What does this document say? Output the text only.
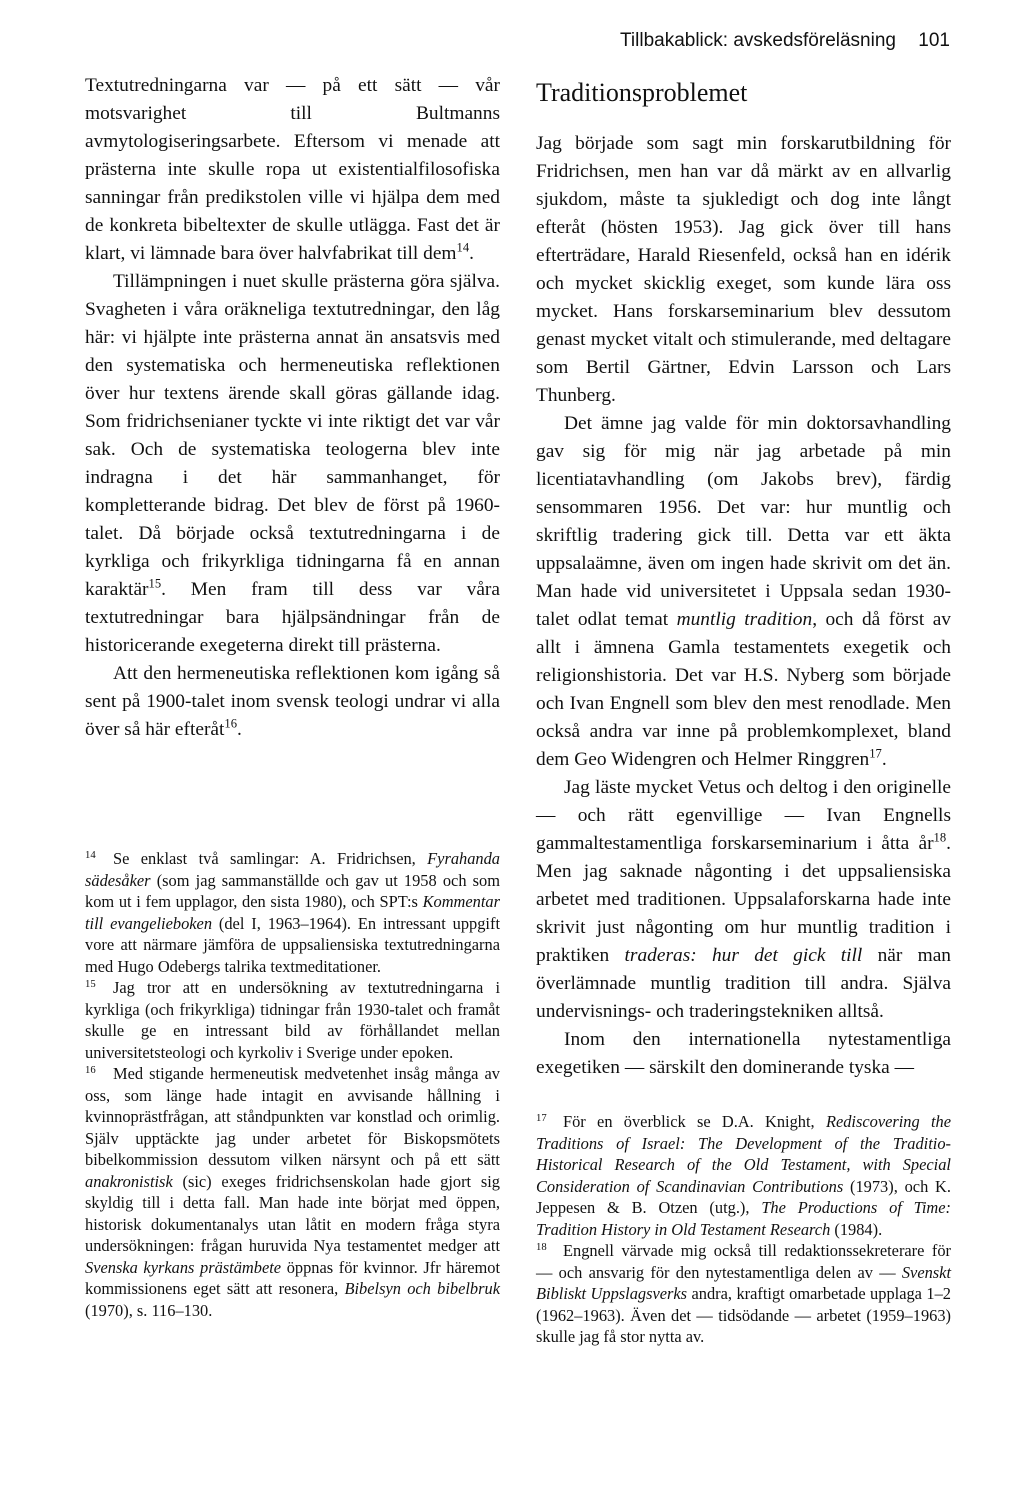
Tillbakablick: avskedsföreläsning 101

Textutredningarna var — på ett sätt — vår motsvarighet till Bultmanns avmytologiseringsarbete. Eftersom vi menade att prästerna inte skulle ropa ut existentialfilosofiska sanningar från predikstolen ville vi hjälpa dem med de konkreta bibeltexter de skulle utlägga. Fast det är klart, vi lämnade bara över halvfabrikat till dem$^{14}$.

Tillämpningen i nuet skulle prästerna göra själva. Svagheten i våra oräkneliga textutredningar, den låg här: vi hjälpte inte prästerna annat än ansatsvis med den systematiska och hermeneutiska reflektionen över hur textens ärende skall göras gällande idag. Som fridrichsenianer tyckte vi inte riktigt det var vår sak. Och de systematiska teologerna blev inte indragna i det här sammanhanget, för kompletterande bidrag. Det blev de först på 1960-talet. Då började också textutredningarna i de kyrkliga och frikyrkliga tidningarna få en annan karaktär$^{15}$. Men fram till dess var våra textutredningar bara hjälpsändningar från de historicerande exegeterna direkt till prästerna.

Att den hermeneutiska reflektionen kom igång så sent på 1900-talet inom svensk teologi undrar vi alla över så här efteråt$^{16}$.

$^{14}$ Se enklast två samlingar: A. Fridrichsen, Fyrahanda sädesåker (som jag sammanställde och gav ut 1958 och som kom ut i fem upplagor, den sista 1980), och SPT:s Kommentar till evangelieboken (del I, 1963–1964). En intressant uppgift vore att närmare jämföra de uppsaliensiska textutredningarna med Hugo Odebergs talrika textmeditationer.

$^{15}$ Jag tror att en undersökning av textutredningarna i kyrkliga (och frikyrkliga) tidningar från 1930-talet och framåt skulle ge en intressant bild av förhållandet mellan universitetsteologi och kyrkoliv i Sverige under epoken.

$^{16}$ Med stigande hermeneutisk medvetenhet insåg många av oss, som länge hade intagit en avvisande hållning i kvinnoprästfrågan, att ståndpunkten var konstlad och orimlig. Själv upptäckte jag under arbetet för Biskopsmötets bibelkommission dessutom vilken närsynt och på ett sätt anakronistisk (sic) exeges fridrichsenskolan hade gjort sig skyldig till i detta fall. Man hade inte börjat med öppen, historisk dokumentanalys utan låtit en modern fråga styra undersökningen: frågan huruvida Nya testamentet medger att Svenska kyrkans prästämbete öppnas för kvinnor. Jfr häremot kommissionens eget sätt att resonera, Bibelsyn och bibelbruk (1970), s. 116–130.

Traditionsproblemet

Jag började som sagt min forskarutbildning för Fridrichsen, men han var då märkt av en allvarlig sjukdom, måste ta sjukledigt och dog inte långt efteråt (hösten 1953). Jag gick över till hans efterträdare, Harald Riesenfeld, också han en idérik och mycket skicklig exeget, som kunde lära oss mycket. Hans forskarseminarium blev dessutom genast mycket vitalt och stimulerande, med deltagare som Bertil Gärtner, Edvin Larsson och Lars Thunberg.

Det ämne jag valde för min doktorsavhandling gav sig för mig när jag arbetade på min licentiatavhandling (om Jakobs brev), färdig sensommaren 1956. Det var: hur muntlig och skriftlig tradering gick till. Detta var ett äkta uppsalaämne, även om ingen hade skrivit om det än. Man hade vid universitetet i Uppsala sedan 1930-talet odlat temat muntlig tradition, och då först av allt i ämnena Gamla testamentets exegetik och religionshistoria. Det var H.S. Nyberg som började och Ivan Engnell som blev den mest renodlade. Men också andra var inne på problemkomplexet, bland dem Geo Widengren och Helmer Ringgren$^{17}$.

Jag läste mycket Vetus och deltog i den originelle — och rätt egenvillige — Ivan Engnells gammaltestamentliga forskarseminarium i åtta $år^{18}$. Men jag saknade någonting i det uppsaliensiska arbetet med traditionen. Uppsalaforskarna hade inte skrivit just någonting om hur muntlig tradition i praktiken traderas: hur det gick till när man överlämnade muntlig tradition till andra. Själva undervisnings- och traderingstekniken alltså.

Inom den internationella nytestamentliga exegetiken — särskilt den dominerande tyska —

$^{17}$ För en överblick se D.A. Knight, Rediscovering the Traditions of Israel: The Development of the Traditio-Historical Research of the Old Testament, with Special Consideration of Scandinavian Contributions (1973), och K. Jeppesen & B. Otzen (utg.), The Productions of Time: Tradition History in Old Testament Research (1984).

$^{18}$ Engnell värvade mig också till redaktionssekreterare för — och ansvarig för den nytestamentliga delen av — Svenskt Bibliskt Uppslagsverks andra, kraftigt omarbetade upplaga 1–2 (1962–1963). Även det — tidsödande — arbetet (1959–1963) skulle jag få stor nytta av.
